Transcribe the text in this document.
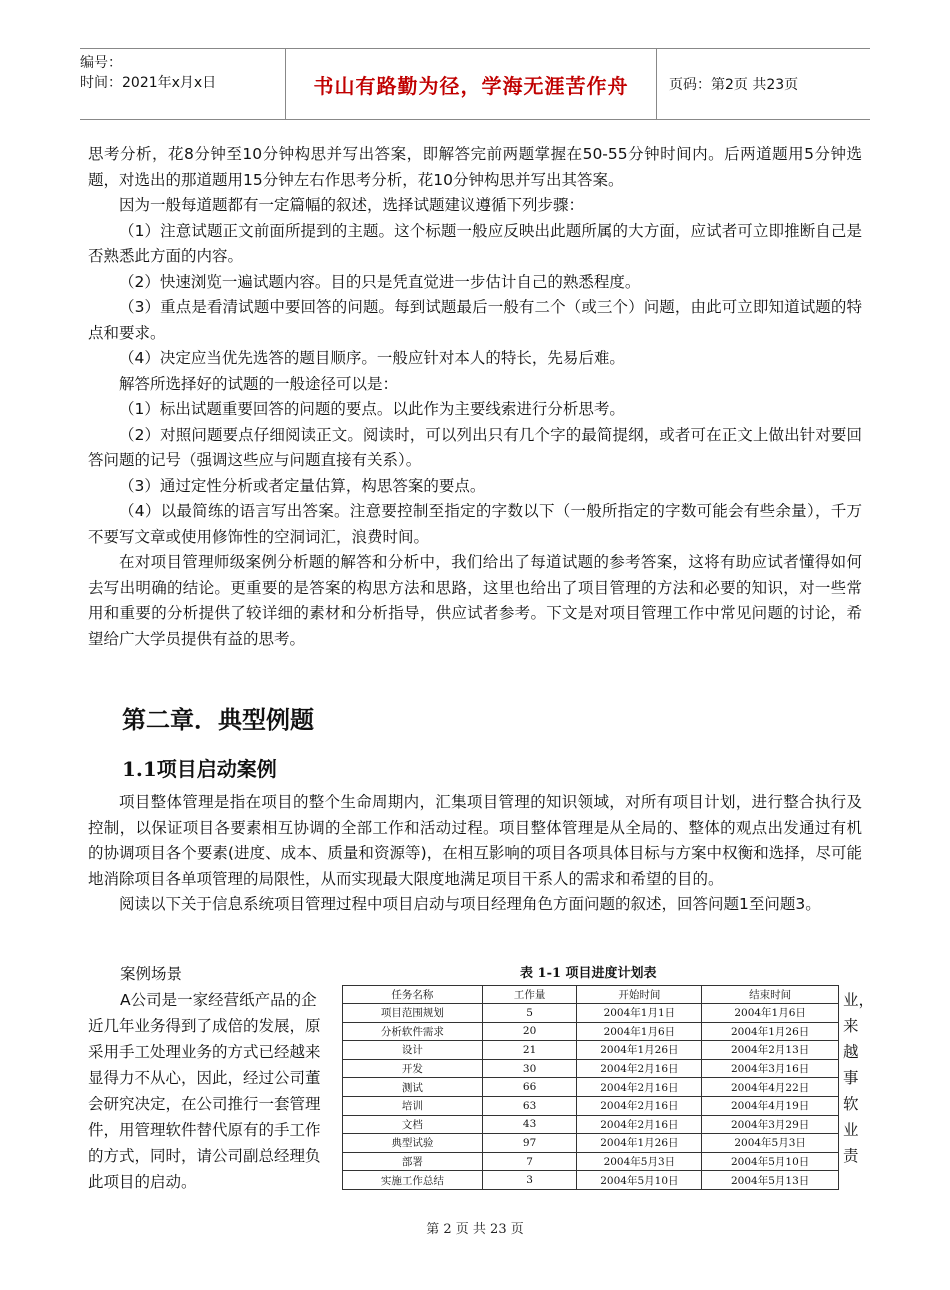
编号：
时间：2021年x月x日	书山有路勤为径，学海无涯苦作舟	页码：第2页 共23页

思考分析，花8分钟至10分钟构思并写出答案，即解答完前两题掌握在50-55分钟时间内。后两道题用5分钟选题，对选出的那道题用15分钟左右作思考分析，花10分钟构思并写出其答案。

因为一般每道题都有一定篇幅的叙述，选择试题建议遵循下列步骤：

（1）注意试题正文前面所提到的主题。这个标题一般应反映出此题所属的大方面，应试者可立即推断自己是否熟悉此方面的内容。

（2）快速浏览一遍试题内容。目的只是凭直觉进一步估计自己的熟悉程度。

（3）重点是看清试题中要回答的问题。每到试题最后一般有二个（或三个）问题，由此可立即知道试题的特点和要求。

（4）决定应当优先选答的题目顺序。一般应针对本人的特长，先易后难。

解答所选择好的试题的一般途径可以是：

（1）标出试题重要回答的问题的要点。以此作为主要线索进行分析思考。

（2）对照问题要点仔细阅读正文。阅读时，可以列出只有几个字的最简提纲，或者可在正文上做出针对要回答问题的记号（强调这些应与问题直接有关系）。

（3）通过定性分析或者定量估算，构思答案的要点。

（4）以最简练的语言写出答案。注意要控制至指定的字数以下（一般所指定的字数可能会有些余量），千万不要写文章或使用修饰性的空洞词汇，浪费时间。

在对项目管理师级案例分析题的解答和分析中，我们给出了每道试题的参考答案，这将有助应试者懂得如何去写出明确的结论。更重要的是答案的构思方法和思路，这里也给出了项目管理的方法和必要的知识，对一些常用和重要的分析提供了较详细的素材和分析指导，供应试者参考。下文是对项目管理工作中常见问题的讨论，希望给广大学员提供有益的思考。

第二章．典型例题
1.1项目启动案例

项目整体管理是指在项目的整个生命周期内，汇集项目管理的知识领域，对所有项目计划，进行整合执行及控制，以保证项目各要素相互协调的全部工作和活动过程。项目整体管理是从全局的、整体的观点出发通过有机的协调项目各个要素(进度、成本、质量和资源等)，在相互影响的项目各项具体目标与方案中权衡和选择，尽可能地消除项目各单项管理的局限性，从而实现最大限度地满足项目干系人的需求和希望的目的。

阅读以下关于信息系统项目管理过程中项目启动与项目经理角色方面问题的叙述，回答问题1至问题3。

案例场景
A公司是一家经营纸产品的企
近几年业务得到了成倍的发展，原
采用手工处理业务的方式已经越来
显得力不从心，因此，经过公司董
会研究决定，在公司推行一套管理
件，用管理软件替代原有的手工作
的方式，同时，请公司副总经理负
此项目的启动。
业，
来
越
事
软
业
责
表 1-1 项目进度计划表
任务名称	工作量	开始时间	结束时间
项目范围规划	5	2004年1月1日	2004年1月6日
分析软件需求	20	2004年1月6日	2004年1月26日
设计	21	2004年1月26日	2004年2月13日
开发	30	2004年2月16日	2004年3月16日
测试	66	2004年2月16日	2004年4月22日
培训	63	2004年2月16日	2004年4月19日
文档	43	2004年2月16日	2004年3月29日
典型试验	97	2004年1月26日	2004年5月3日
部署	7	2004年5月3日	2004年5月10日
实施工作总结	3	2004年5月10日	2004年5月13日
第 2 页 共 23 页
